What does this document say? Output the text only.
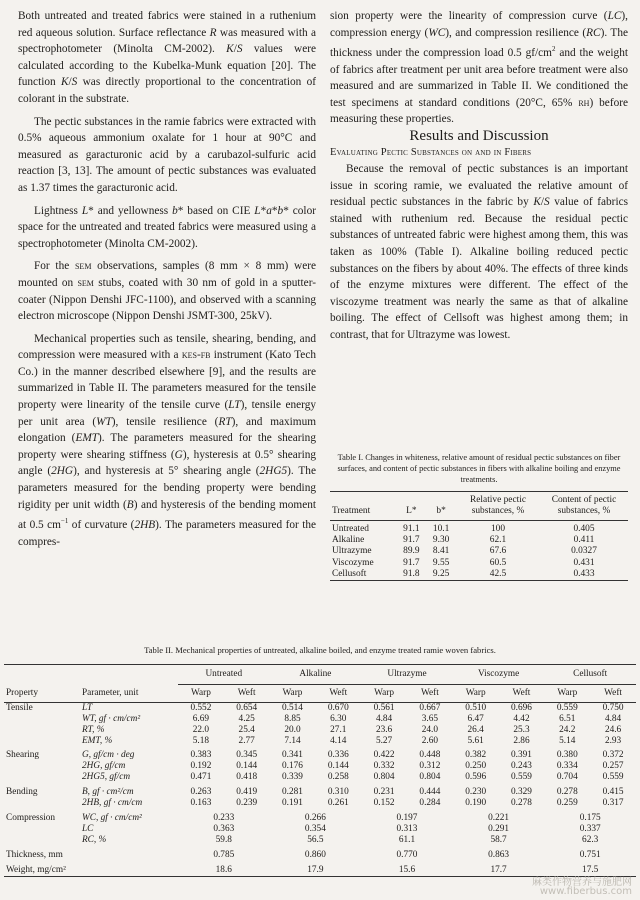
Both untreated and treated fabrics were stained in a ruthenium red aqueous solution. Surface reflectance R was measured with a spectrophotometer (Minolta CM-2002). K/S values were calculated according to the Kubelka-Munk equation [20]. The function K/S was directly proportional to the concentration of colorant in the substrate.

The pectic substances in the ramie fabrics were extracted with 0.5% aqueous ammonium oxalate for 1 hour at 90°C and measured as garacturonic acid by a carubazol-sulfuric acid reaction [3, 13]. The amount of pectic substances was evaluated as 1.37 times the garacturonic acid.

Lightness L* and yellowness b* based on CIE L*a*b* color space for the untreated and treated fabrics were measured using a spectrophotometer (Minolta CM-2002).

For the sem observations, samples (8 mm × 8 mm) were mounted on sem stubs, coated with 30 nm of gold in a sputter-coater (Nippon Denshi JFC-1100), and observed with a scanning electron microscope (Nippon Denshi JSMT-300, 25kV).

Mechanical properties such as tensile, shearing, bending, and compression were measured with a kes-fb instrument (Kato Tech Co.) in the manner described elsewhere [9], and the results are summarized in Table II. The parameters measured for the tensile property were linearity of the tensile curve (LT), tensile energy per unit area (WT), tensile resilience (RT), and maximum elongation (EMT). The parameters measured for the shearing property were shearing stiffness (G), hysteresis at 0.5° shearing angle (2HG), and hysteresis at 5° shearing angle (2HG5). The parameters measured for the bending property were bending rigidity per unit width (B) and hysteresis of the bending moment at 0.5 $cm^{-1}$ of curvature (2HB). The parameters measured for the compres-

sion property were the linearity of compression curve (LC), compression energy (WC), and compression resilience (RC). The thickness under the compression load 0.5 $gf/cm^2$ and the weight of fabrics after treatment per unit area before treatment were also measured and are summarized in Table II. We conditioned the test specimens at standard conditions (20°C, 65% rh) before measuring these properties.

Results and Discussion

Evaluating Pectic Substances on and in Fibers

Because the removal of pectic substances is an important issue in scoring ramie, we evaluated the relative amount of residual pectic substances in the fabric by K/S value of fabrics stained with ruthenium red. Because the residual pectic substances of untreated fabric were highest among them, this was taken as 100% (Table I). Alkaline boiling reduced pectic substances on the fibers by about 40%. The effects of three kinds of the enzyme mixtures were different. The effect of the viscozyme treatment was nearly the same as that of alkaline boiling. The effect of Cellsoft was highest among them; in contrast, that for Ultrazyme was lowest.

Table I. Changes in whiteness, relative amount of residual pectic substances on fiber surfaces, and content of pectic substances in fibers with alkaline boiling and enzyme treatments.
Treatment	L*	b*	Relative pectic substances, %	Content of pectic substances, %
Untreated	91.1	10.1	100	0.405
Alkaline	91.7	9.30	62.1	0.411
Ultrazyme	89.9	8.41	67.6	0.0327
Viscozyme	91.7	9.55	60.5	0.431
Cellusoft	91.8	9.25	42.5	0.433
Table II. Mechanical properties of untreated, alkaline boiled, and enzyme treated ramie woven fabrics.
		Untreated		Alkaline		Ultrazyme		Viscozyme		Cellusoft	
Property	Parameter, unit	Warp	Weft	Warp	Weft	Warp	Weft	Warp	Weft	Warp	Weft
Tensile	LT	0.552	0.654	0.514	0.670	0.561	0.667	0.510	0.696	0.559	0.750
	WT, gf · cm/cm²	6.69	4.25	8.85	6.30	4.84	3.65	6.47	4.42	6.51	4.84
	RT, %	22.0	25.4	20.0	27.1	23.6	24.0	26.4	25.3	24.2	24.6
	EMT, %	5.18	2.77	7.14	4.14	5.27	2.60	5.61	2.86	5.14	2.93
Shearing	G, gf/cm · deg	0.383	0.345	0.341	0.336	0.422	0.448	0.382	0.391	0.380	0.372
	2HG, gf/cm	0.192	0.144	0.176	0.144	0.332	0.312	0.250	0.243	0.334	0.257
	2HG5, gf/cm	0.471	0.418	0.339	0.258	0.804	0.804	0.596	0.559	0.704	0.559
Bending	B, gf · cm²/cm	0.263	0.419	0.281	0.310	0.231	0.444	0.230	0.329	0.278	0.415
	2HB, gf · cm/cm	0.163	0.239	0.191	0.261	0.152	0.284	0.190	0.278	0.259	0.317
Compression	WC, gf · cm/cm²	0.233		0.266		0.197		0.221		0.175	
	LC	0.363		0.354		0.313		0.291		0.337	
	RC, %	59.8		56.5		61.1		58.7		62.3	
Thickness, mm		0.785		0.860		0.770		0.863		0.751	
Weight, mg/cm²		18.6		17.9		15.6		17.7		17.5	
麻类作物营养与施肥网
www.fiberbus.com
